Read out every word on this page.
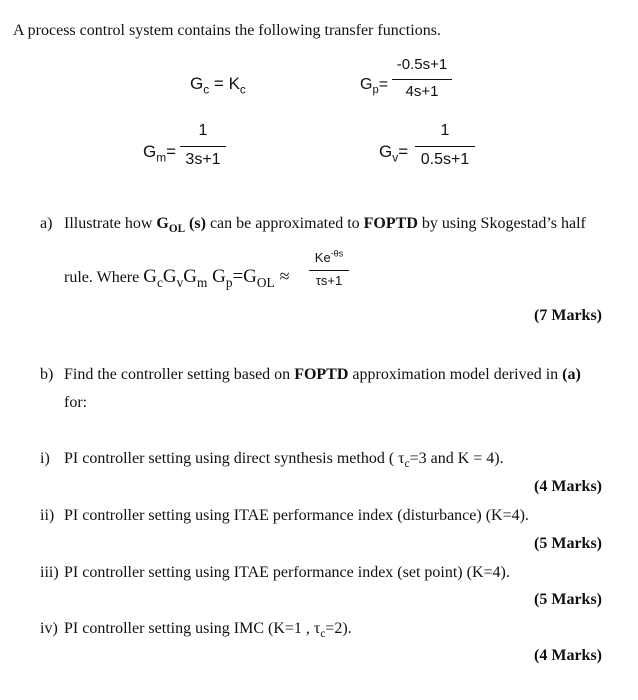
A process control system contains the following transfer functions.
$G_c = K_c$	$G_p=$
-0.5s+1
4s+1
$G_m=$
1
3s+1	$G_v=$
1
0.5s+1
a) Illustrate how $G_{OL}$ (s) can be approximated to FOPTD by using Skogestad’s half
rule. Where $G_cG_vG_m$ $G_p=G_{OL}$ ≈
$Ke^{-\theta s}$
τs+1
(7 Marks)
b) Find the controller setting based on FOPTD approximation model derived in (a)
for:
i) PI controller setting using direct synthesis method ( $\tau_c=3$ and K = 4).
(4 Marks)
ii) PI controller setting using ITAE performance index (disturbance) (K=4).
(5 Marks)
iii) PI controller setting using ITAE performance index (set point) (K=4).
(5 Marks)
iv) PI controller setting using IMC (K=1 , $\tau_c=2$).
(4 Marks)
